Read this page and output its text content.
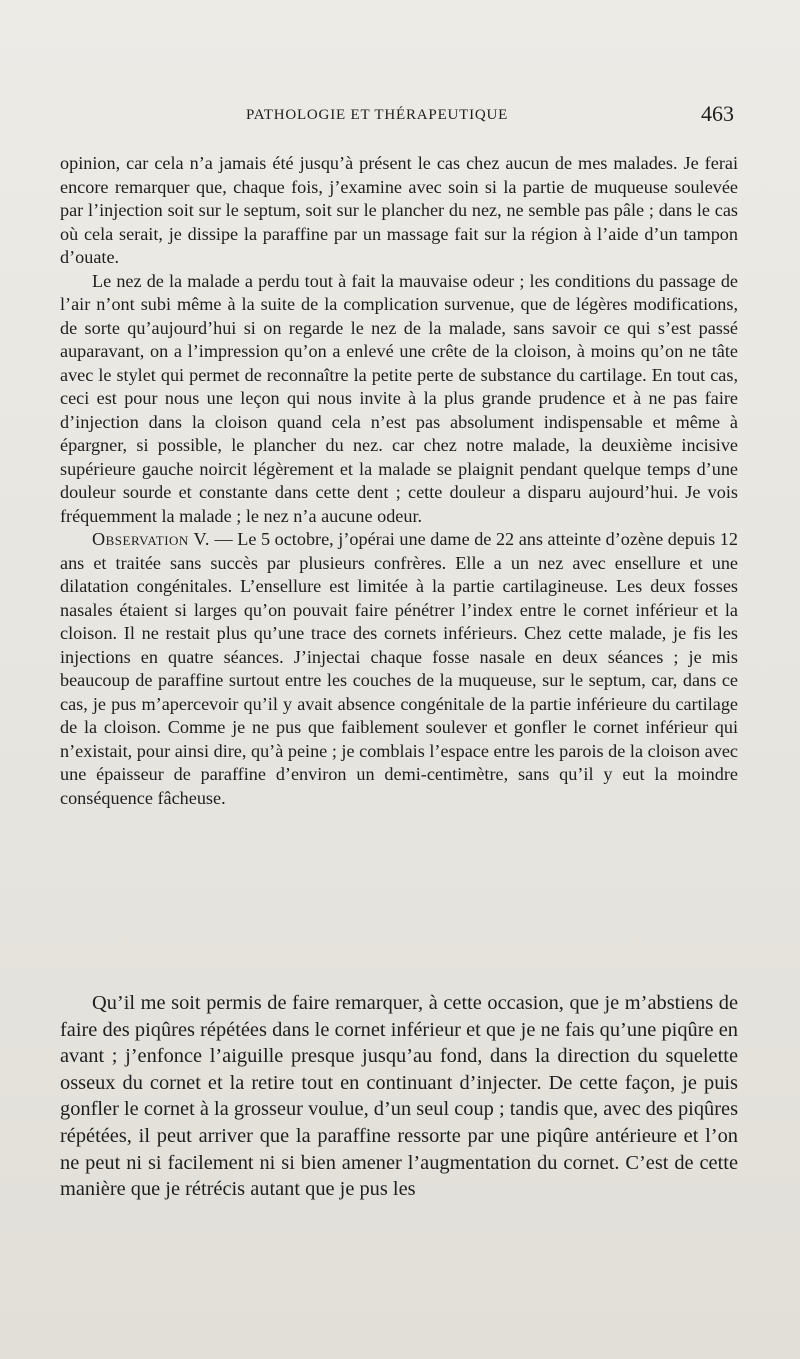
PATHOLOGIE ET THÉRAPEUTIQUE	463

opinion, car cela n’a jamais été jusqu’à présent le cas chez aucun de mes malades. Je ferai encore remarquer que, chaque fois, j’examine avec soin si la partie de muqueuse soulevée par l’injection soit sur le septum, soit sur le plancher du nez, ne semble pas pâle ; dans le cas où cela serait, je dissipe la paraffine par un massage fait sur la région à l’aide d’un tampon d’ouate.

Le nez de la malade a perdu tout à fait la mauvaise odeur ; les conditions du passage de l’air n’ont subi même à la suite de la complication survenue, que de légères modifications, de sorte qu’aujourd’hui si on regarde le nez de la malade, sans savoir ce qui s’est passé auparavant, on a l’impression qu’on a enlevé une crête de la cloison, à moins qu’on ne tâte avec le stylet qui permet de reconnaître la petite perte de substance du cartilage. En tout cas, ceci est pour nous une leçon qui nous invite à la plus grande prudence et à ne pas faire d’injection dans la cloison quand cela n’est pas absolument indispensable et même à épargner, si possible, le plancher du nez. car chez notre malade, la deuxième incisive supérieure gauche noircit légèrement et la malade se plaignit pendant quelque temps d’une douleur sourde et constante dans cette dent ; cette douleur a disparu aujourd’hui. Je vois fréquemment la malade ; le nez n’a aucune odeur.

Observation V. — Le 5 octobre, j’opérai une dame de 22 ans atteinte d’ozène depuis 12 ans et traitée sans succès par plusieurs confrères. Elle a un nez avec ensellure et une dilatation congénitales. L’ensellure est limitée à la partie cartilagineuse. Les deux fosses nasales étaient si larges qu’on pouvait faire pénétrer l’index entre le cornet inférieur et la cloison. Il ne restait plus qu’une trace des cornets inférieurs. Chez cette malade, je fis les injections en quatre séances. J’injectai chaque fosse nasale en deux séances ; je mis beaucoup de paraffine surtout entre les couches de la muqueuse, sur le septum, car, dans ce cas, je pus m’apercevoir qu’il y avait absence congénitale de la partie inférieure du cartilage de la cloison. Comme je ne pus que faiblement soulever et gonfler le cornet inférieur qui n’existait, pour ainsi dire, qu’à peine ; je comblais l’espace entre les parois de la cloison avec une épaisseur de paraffine d’environ un demi-centimètre, sans qu’il y eut la moindre conséquence fâcheuse.

Qu’il me soit permis de faire remarquer, à cette occasion, que je m’abstiens de faire des piqûres répétées dans le cornet inférieur et que je ne fais qu’une piqûre en avant ; j’enfonce l’aiguille presque jusqu’au fond, dans la direction du squelette osseux du cornet et la retire tout en continuant d’injecter. De cette façon, je puis gonfler le cornet à la grosseur voulue, d’un seul coup ; tandis que, avec des piqûres répétées, il peut arriver que la paraffine ressorte par une piqûre antérieure et l’on ne peut ni si facilement ni si bien amener l’augmentation du cornet. C’est de cette manière que je rétrécis autant que je pus les
